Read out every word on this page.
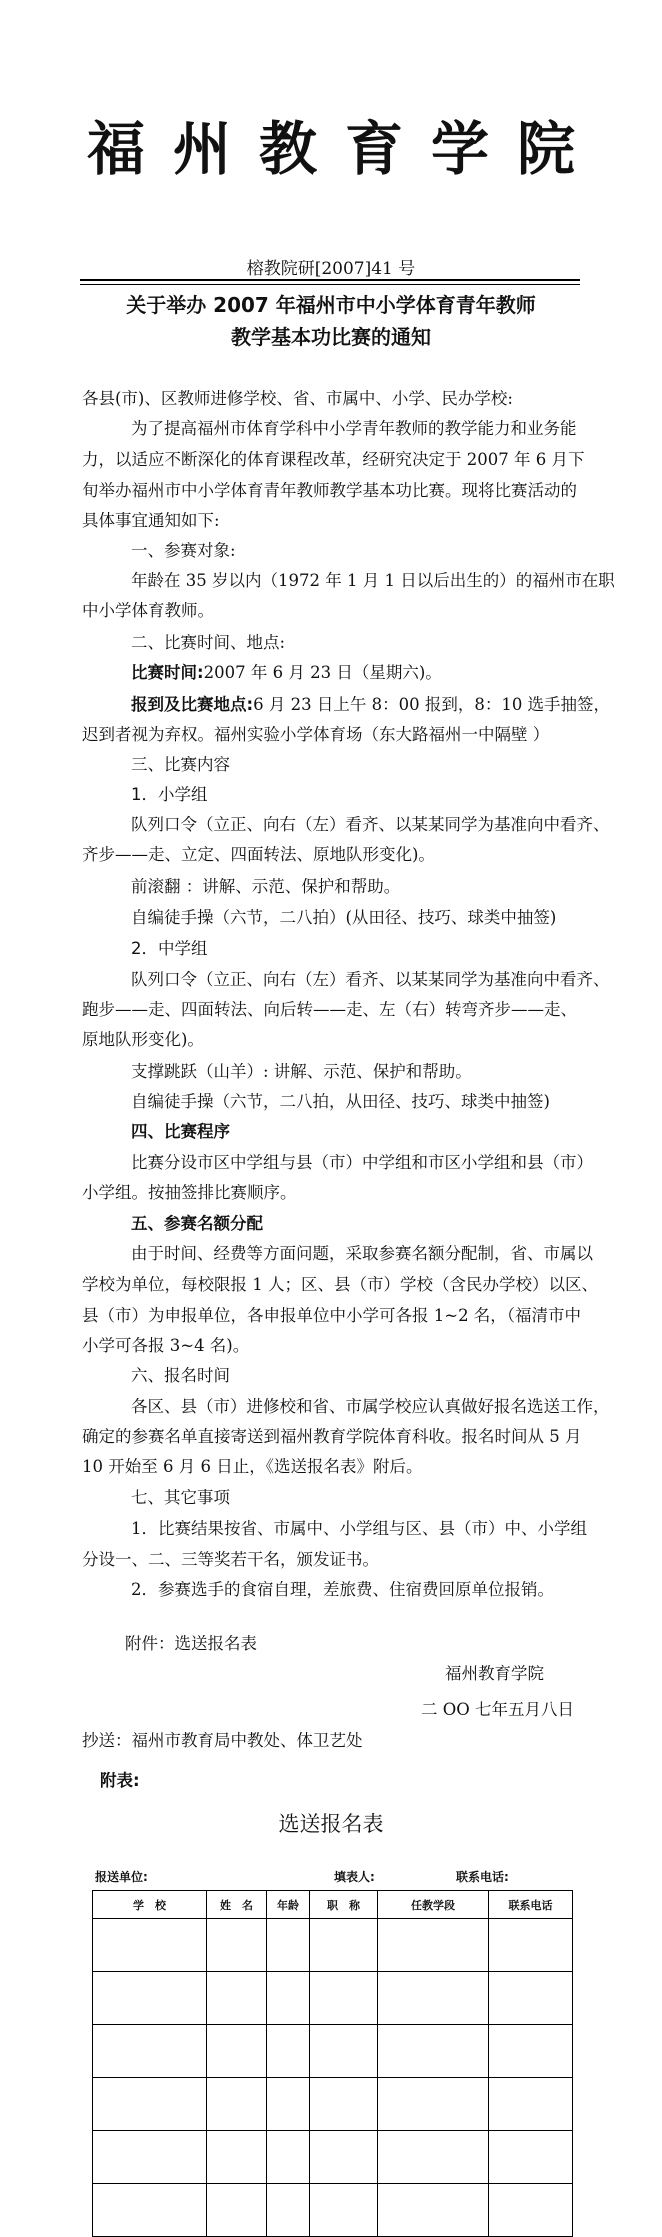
福州教育学院
榕教院研[2007]41 号
关于举办 2007 年福州市中小学体育青年教师
教学基本功比赛的通知
各县(市)、区教师进修学校、省、市属中、小学、民办学校:
为了提高福州市体育学科中小学青年教师的教学能力和业务能
力，以适应不断深化的体育课程改革，经研究决定于 2007 年 6 月下
旬举办福州市中小学体育青年教师教学基本功比赛。现将比赛活动的
具体事宜通知如下:
一、参赛对象:
年龄在 35 岁以内（1972 年 1 月 1 日以后出生的）的福州市在职
中小学体育教师。
二、比赛时间、地点:
比赛时间:2007 年 6 月 23 日（星期六)。
报到及比赛地点:6 月 23 日上午 8：00 报到，8：10 选手抽签，
迟到者视为弃权。福州实验小学体育场（东大路福州一中隔壁 ）
三、比赛内容
1．小学组
队列口令（立正、向右（左）看齐、以某某同学为基准向中看齐、
齐步——走、立定、四面转法、原地队形变化)。
前滚翻 ：讲解、示范、保护和帮助。
自编徒手操（六节，二八拍）(从田径、技巧、球类中抽签)
2．中学组
队列口令（立正、向右（左）看齐、以某某同学为基准向中看齐、
跑步——走、四面转法、向后转——走、左（右）转弯齐步——走、
原地队形变化)。
支撑跳跃（山羊）: 讲解、示范、保护和帮助。
自编徒手操（六节，二八拍，从田径、技巧、球类中抽签)
四、比赛程序
比赛分设市区中学组与县（市）中学组和市区小学组和县（市）
小学组。按抽签排比赛顺序。
五、参赛名额分配
由于时间、经费等方面问题，采取参赛名额分配制，省、市属以
学校为单位，每校限报 1 人；区、县（市）学校（含民办学校）以区、
县（市）为申报单位，各申报单位中小学可各报 1~2 名，（福清市中
小学可各报 3~4 名)。
六、报名时间
各区、县（市）进修校和省、市属学校应认真做好报名选送工作，
确定的参赛名单直接寄送到福州教育学院体育科收。报名时间从 5 月
10 开始至 6 月 6 日止，《选送报名表》附后。
七、其它事项
1．比赛结果按省、市属中、小学组与区、县（市）中、小学组
分设一、二、三等奖若干名，颁发证书。
2．参赛选手的食宿自理，差旅费、住宿费回原单位报销。
附件：选送报名表
福州教育学院
二 OO 七年五月八日
抄送：福州市教育局中教处、体卫艺处
附表:
选送报名表
报送单位:	填表人:	联系电话:
学　校	姓　名	年龄	职　称	任教学段	联系电话
